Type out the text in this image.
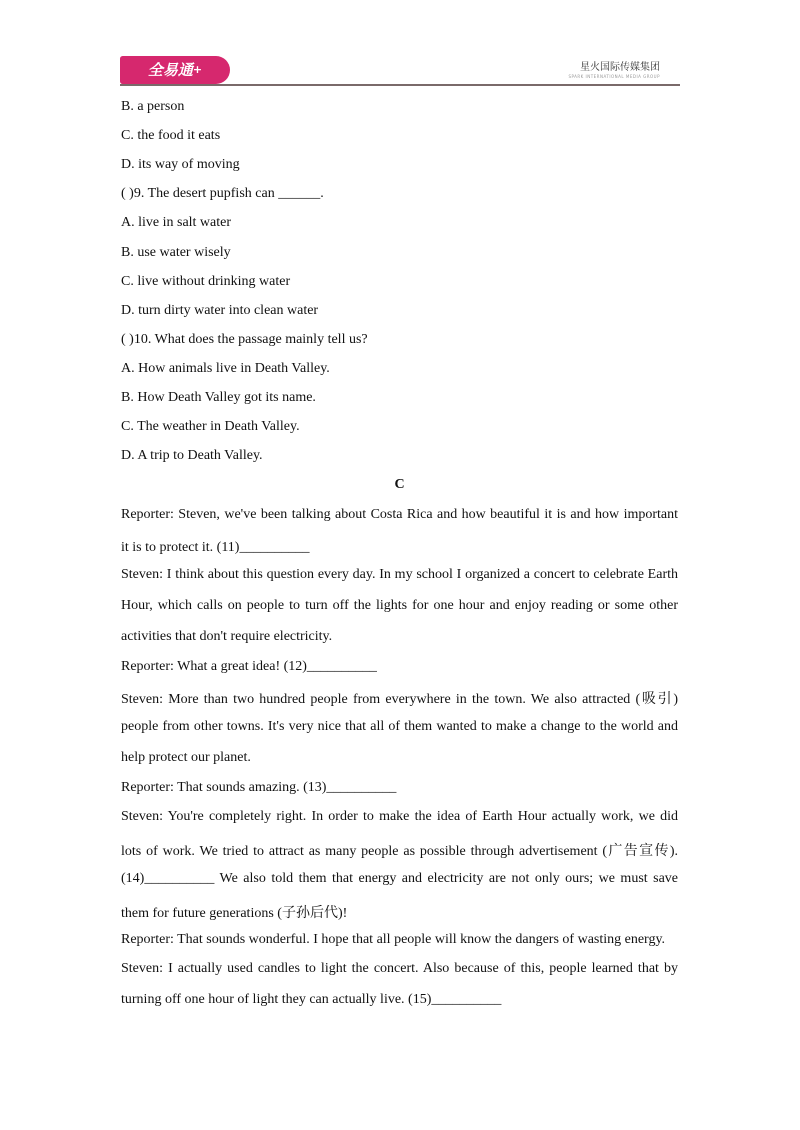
全易通+	星火国际传媒集团
SPARK INTERNATIONAL MEDIA GROUP
B. a person
C. the food it eats
D. its way of moving
( )9. The desert pupfish can ______.
A. live in salt water
B. use water wisely
C. live without drinking water
D. turn dirty water into clean water
( )10. What does the passage mainly tell us?
A. How animals live in Death Valley.
B. How Death Valley got its name.
C. The weather in Death Valley.
D. A trip to Death Valley.
C
Reporter: Steven, we've been talking about Costa Rica and how beautiful it is and how important
it is to protect it. (11)__________
Steven: I think about this question every day. In my school I organized a concert to celebrate Earth
Hour, which calls on people to turn off the lights for one hour and enjoy reading or some other
activities that don't require electricity.
Reporter: What a great idea! (12)__________
Steven: More than two hundred people from everywhere in the town. We also attracted (吸引)
people from other towns. It's very nice that all of them wanted to make a change to the world and
help protect our planet.
Reporter: That sounds amazing. (13)__________
Steven: You're completely right. In order to make the idea of Earth Hour actually work, we did
lots of work. We tried to attract as many people as possible through advertisement (广告宣传).
(14)__________ We also told them that energy and electricity are not only ours; we must save
them for future generations (子孙后代)!
Reporter: That sounds wonderful. I hope that all people will know the dangers of wasting energy.
Steven: I actually used candles to light the concert. Also because of this, people learned that by
turning off one hour of light they can actually live. (15)__________
